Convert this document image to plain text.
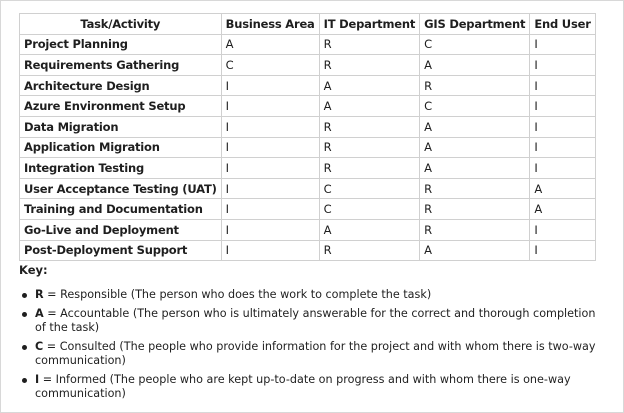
Task/Activity	Business Area	IT Department	GIS Department	End User
Project Planning	A	R	C	I
Requirements Gathering	C	R	A	I
Architecture Design	I	A	R	I
Azure Environment Setup	I	A	C	I
Data Migration	I	R	A	I
Application Migration	I	R	A	I
Integration Testing	I	R	A	I
User Acceptance Testing (UAT)	I	C	R	A
Training and Documentation	I	C	R	A
Go-Live and Deployment	I	A	R	I
Post-Deployment Support	I	R	A	I
Key:
R = Responsible (The person who does the work to complete the task)
A = Accountable (The person who is ultimately answerable for the correct and thorough completion of the task)
C = Consulted (The people who provide information for the project and with whom there is two-way communication)
I = Informed (The people who are kept up-to-date on progress and with whom there is one-way communication)
